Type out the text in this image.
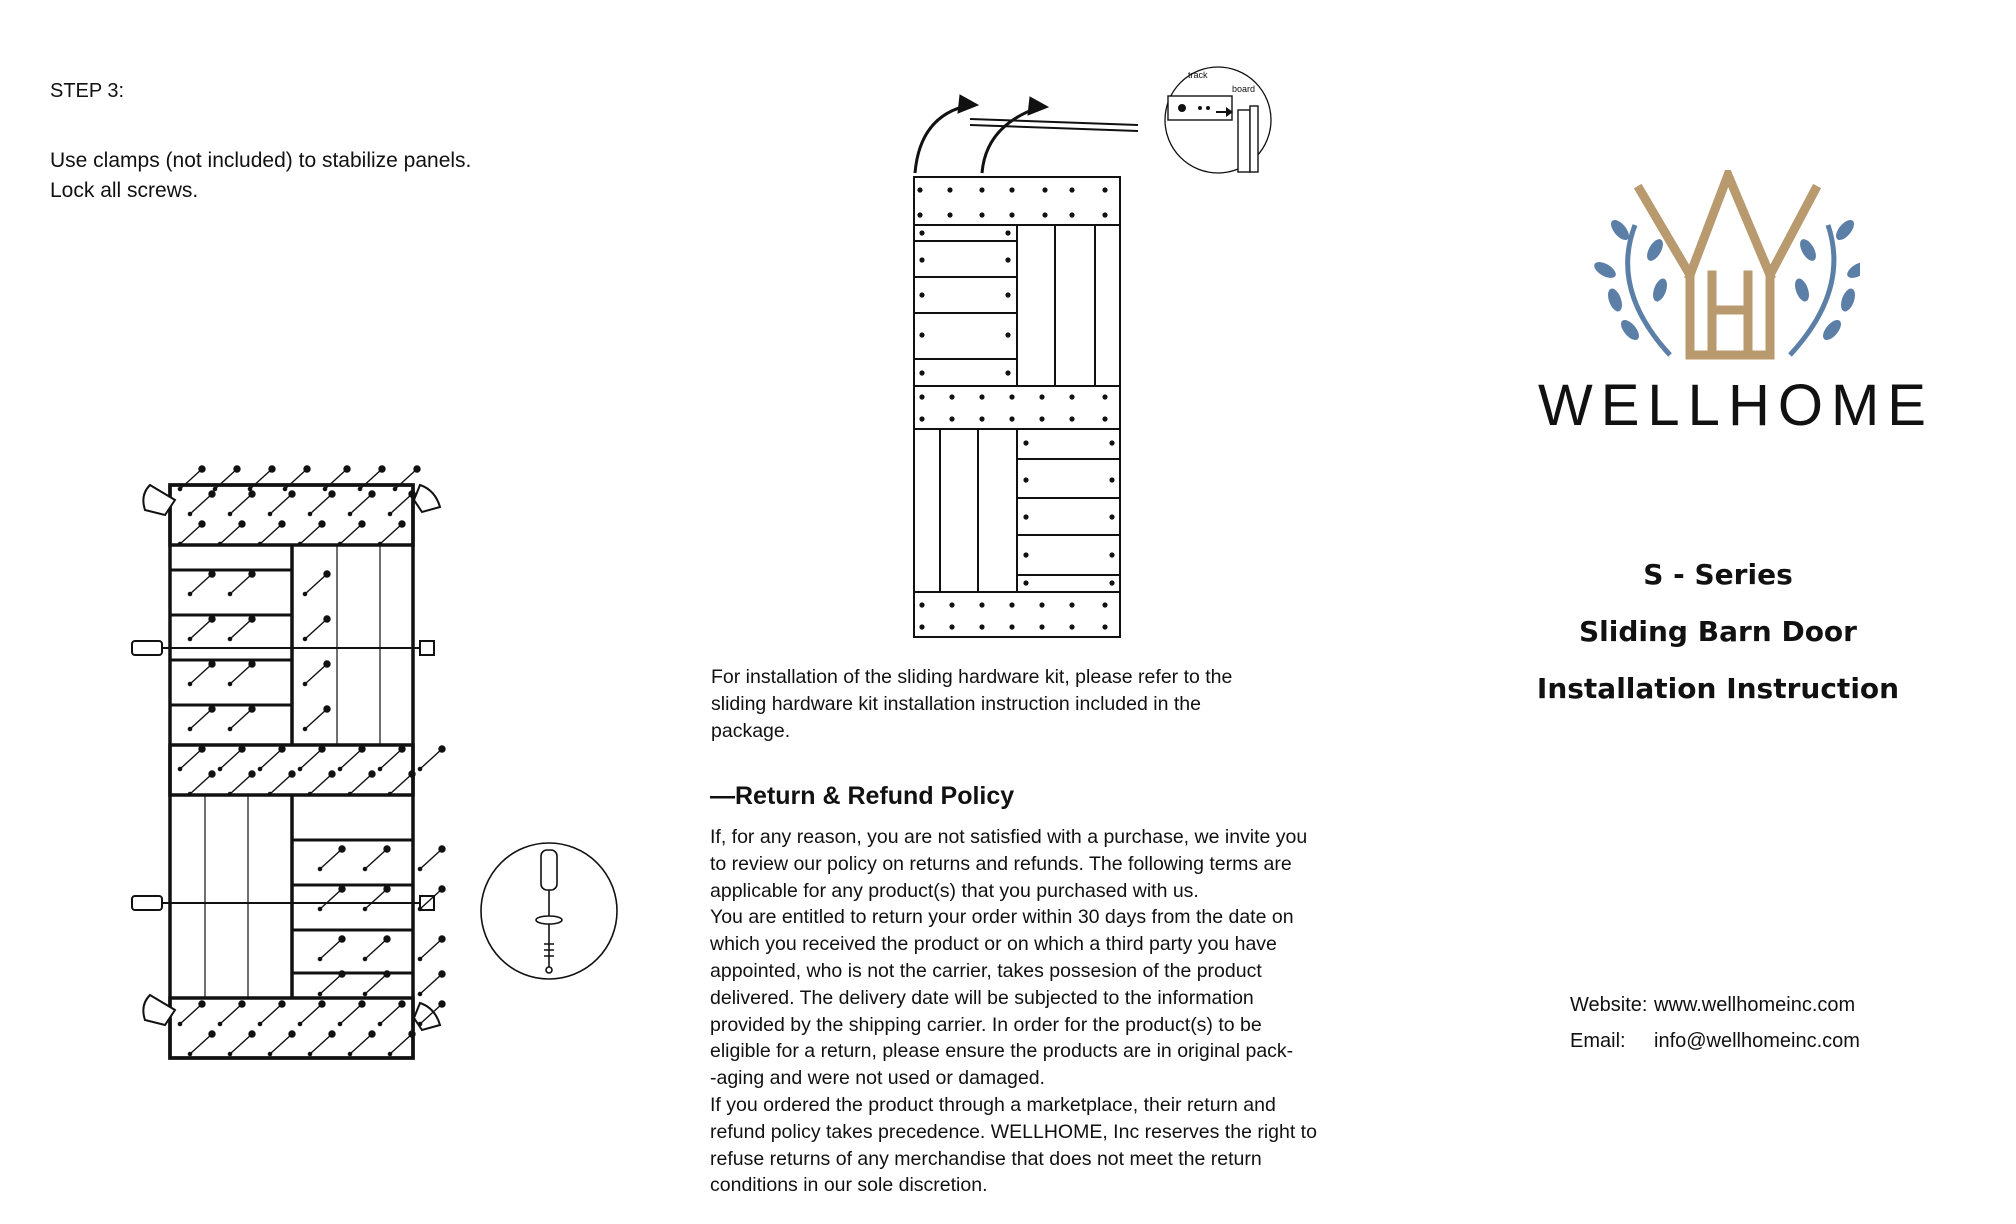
STEP 3:
Use clamps (not included) to stabilize panels.
Lock all screws.
track
board
For installation of the sliding hardware kit, please refer to the
sliding hardware kit installation instruction included in the
package.
—Return & Refund Policy
If, for any reason, you are not satisfied with a purchase, we invite you
to review our policy on returns and refunds. The following terms are
applicable for any product(s) that you purchased with us.
You are entitled to return your order within 30 days from the date on
which you received the product or on which a third party you have
appointed, who is not the carrier, takes possesion of the product
delivered. The delivery date will be subjected to the information
provided by the shipping carrier. In order for the product(s) to be
eligible for a return, please ensure the products are in original pack-
-aging and were not used or damaged.
If you ordered the product through a marketplace, their return and
refund policy takes precedence. WELLHOME, Inc reserves the right to
refuse returns of any merchandise that does not meet the return
conditions in our sole discretion.
WELLHOME
S - Series
Sliding Barn Door
Installation Instruction
Website: www.wellhomeinc.com
Email: info@wellhomeinc.com
